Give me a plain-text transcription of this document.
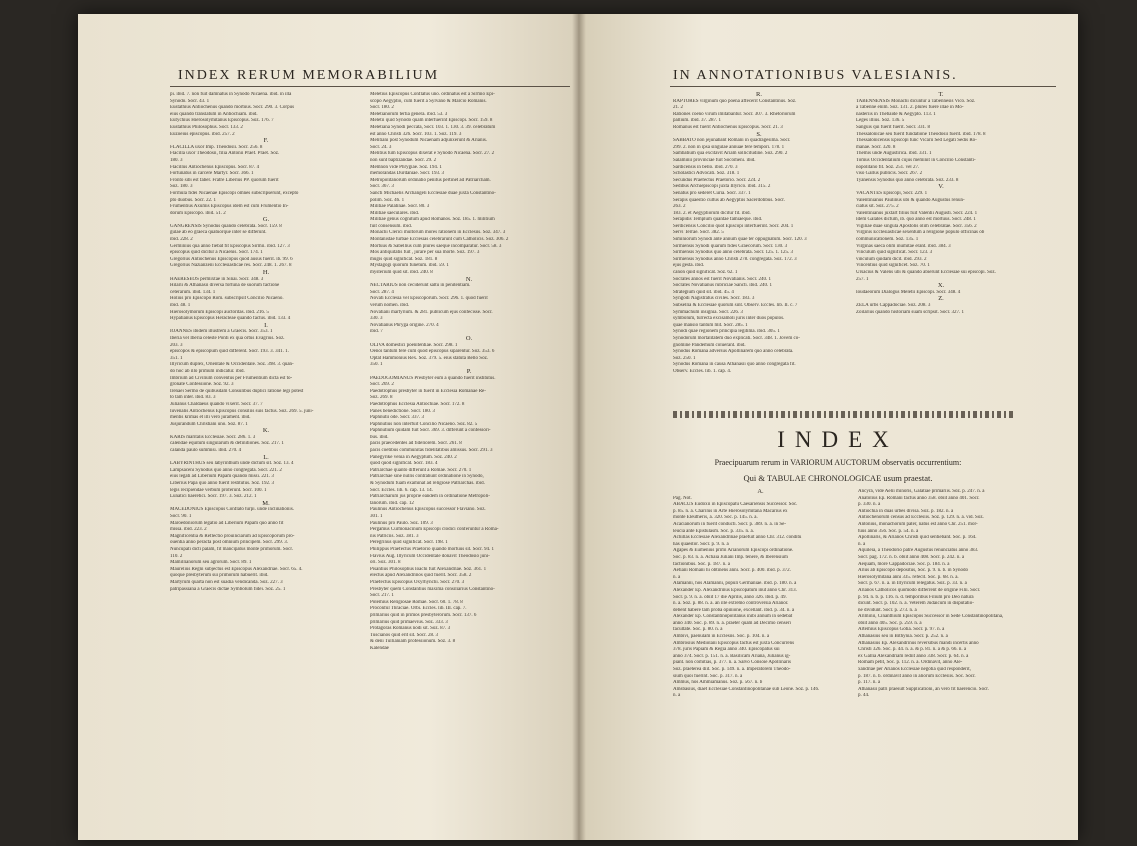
INDEX RERUM MEMORABILIUM

pi. ibid. 7. non fuit damnatus in Synodo Nicaena. ibid. in illa

Synodo. Socr. 43. 1

Eustathius Antiochenus quando mortuus. Socr. 290. 3. Corpus

eius quando translatum in Antiochiam. ibid.

Eutychius Hierosolymitanus Episcopus. Soz. 176. 7

Eustathius Philosophus. Socr. 133. 2

Euzoeius episcopus. ibid. 257. 2

F.

FLACILLA uxor Imp. Theodosii. Socr. 256. 8

Flacilla uxor Theodosii, filia Antonii Praef. Praet. Soz.

180. 3

Flacillus Antiochenus Episcopus. Socr. 87. 4

Fortunatus in carcere Martyr. Socr. 366. 1

Fronto sibi est faber. Fratre Liberius PP. quorum fuerit

Soz. 180. 3

Formula fidei Nicaenae Episcopi omnes subscripserunt, excepto

pto duobus. Socr. 22. 1

Frumentius Axumis Episcopus idem est cum Frumentio In-

dorum Episcopo. ibid. 51. 2

G.

GANGRENSIS Synodus quando celebrata. Socr. 159. 8

gulae ab eo graeca quatuorque inter se differunt.

ibid. 228. 2

Germinius qua anno fiebat fit Episcopus Sirmii. ibid. 127. 3

episcopus quid dicitur a Nicaenis. Socr. 174. 1

Gregorius Antiochenus Episcopus quod ausus fuerit. ib. 99. 6

Gregorius Nazianzeni Ecclesiasticae res. Socr. 248. 1. 267. 8

H.

HAERESEOS permixtae in Sinai. Socr. 348. 3

Hilarii & Athanasii diversa fortuna de suorum factione

ceterarum. ibid. 134. 1

Holius pro Episcopo Rom. subscripsit Concilio Nicaeno.

ibid. 48. 1

Hierosolymorum Episcopi auctoritas. ibid. 216. 5

Hypatianus Episcopus Heracleae quando factus. ibid. 133. 4

I.

IOANNES ibidem illustrem a Graecis. Socr. 353. 1

Iberia vel Iberia celeste Ponti ex qua ortus Evagrius. Soz.

203. 3

episcopos & episcopum quid different. Socr. 193. 3. 341. 1.

351. 1

Illyricum duplex, Orientale & Occidentale. Soz. 398. 3. quan-

do hoc ab illo primum indicatur. ibid.

Imbrium ad Civilium conventus per Frumentium dicta est to-

gronate Confessione. Soz. 92. 3

Irenaei Sermo de quibusdam Consulibus duplici ratione legi potest

to tam inter. ibid. 83. 3

Julianus Chaldaeus quando vixerit. Socr. 37. 7

Iuvenalis Antiochenus Episcopus consiliis suis factus. Soz. 269. 5. juni-

mentis krimas et illi vero jurament. ibid.

Jusjurandum Christiani uno. Soz. 87. 1

K.

KARIS maritalis Ecclesiae. Socr. 286. 1. 3

calendae equitum singularum & definitiones. Soz. 217. 1

calanda paulo summisi. ibid. 270. 4

L.

LABYRINTHUS seu labyrinthum unde dictum sit. Soz. 13. 4

Lampsaceni Synodus quo anno congregata. Socr. 221. 2

eius legati ad Liberium Papam quando missi. 221. 3

Liberius Papa quo anno fuerit restitutus. Soz. 192. 3

legis recipiendae verbum proferunt. Socr. 100. 1

Lunatici haeretici. Socr. 197. 3. Soz. 212. 1

M.

MACEDONIUS Episcopus Conflato turpi. unde inclinationis.

Socr. 90. 1

Maroedoniorum legatio ad Liberium Papam quo anno fit

missa. ibid. 223. 2

Magnificentia & Reflectio prouinciarum ad Episcoporum pro-

ouentia anno peracta post omnium principem. Socr. 299. 3.

Nuncupati dicti palam, fit mancipatus monte primorum. Socr.

110. 2

Mamillianorum seu agrorum. Socr. 89. 1

Maurelius Regni subjectus est Episcopus Alexandriae. Socr. 65. 4.

quoque presbyterum sui primorum habuerit. ibid.

Martyrum quarta non est suadia vendicanda. Soz. 227. 3

patripassiana a Graecis dictae Symbolum fidei. Soz. 25. 1

Meletius Episcopus Conflatus uno. ordinatus est a Sirmio Epi-

scopo Aegyptio, cum fuerit a Sylvano & Marcio Romanis.

Socr. 180. 2

Meletianorum tertia genera. ibid. 53. 3

Meletii quid Synodo quam interfuerint Episcopi. Socr. 159. 8

Meletiana Synodi peccata, Socr. 103. 1. 130. 3. 39. celebratum

est anno Christi 326. Socr. 103. 1. Soz. 119. 3

Melitiani post Synodum Nicaenam adjunxerunt & Arianis.

Socr. 24. 3

Melitius tum Episcopus dixerat e Synodo Nicaena. Socr. 27. 2

non sunt baptizandae. Socr. 29. 2

Memnon vide Phrygiae. Soz. 194. 1

memorandas Durdaniae. Socr. 193. 3

Metropolitanorum ordinatio penitus pertinet ad Patriarcham.

Socr. 367. 3

Sancti Michaelis Archangeli Ecclesiae duae juxta Constantino-

polim. Soz. 46. 1

Militiae Palatinae. Socr. 80. 3

Militiae saeculares. ibid.

Militiae genus cognitum apud Romanos. Soz. 185. 1. militium

fuit consensum. ibid.

Monachi Clerici multorum mores rationem in Ecclesiis. Soz. 347. 3

Montanistae turbae Ecclesias celebrarunt cum Catholicis. Soz. 306. 2

Mortuus & Sabellius cum plures saeque incomparatur. Socr. 58. 3

Mos antiquitatis fuit , jurare per sua morte. Soz. 197. 3

mugis quid significat. Soz. 181. 8

Mystagogi quorum funetum. ibid. 59. 1

mysterium quid sit. ibid. 240. 8

N.

NECTARIUS non ceciderunt saltu in penitentiam.

Socr. 287. 4

Novati Ecclesia vel Episcoporum. Socr. 296. 1. quod fuerit

verum nomen. ibid.

Novatiani martyrium. & 281. publicum ejus confecisse. Socr.

330. 3

Novatianus Phryga origine. 270. 4

ibid. 7

O.

OLIVA domestici poenitentiae. Socr. 298. 1

Oenoi tantum fere cum quod episcopus siparentur. Soz. 353. 6

Optat Hammonius Rex. Soz. 379. 5. eius statuta Bello Soz.

350. 1

P.

PAEDOGOMIANUS Presbyter eum a quando fuerit institutus.

Socr. 269. 2

Paedotrophus presbyter in fuerit in Ecclesia Romanae Re-

Soz. 269. 8

Paedotrophus Ecclesia Antiochiae. Socr. 172. 8

Panes benedictione. Socr. 180. 3

Paphnutii ode. Socr. 337. 3

Paphnutius non interfuit Concilio Nicaeno. Soz. 82. 5

Paphnutium quidam fuit Socr. 369. 3. differunt a confessori-

bus. ibid.

pacis praecedentes ad fideliorem. Socr. 261. 8

pacis coetibus communitas fidelitatibus amissus. Socr. 291. 3

Panegyrike venia in Aegyptum. Soz. 240. 2

quod quod significat. Socr. 183. 4

Patriarchae quanto differunt a Romae. Socr. 270. 1

Patriarchae sine nullis contrahunt ordinatione in Synodo,

& Synodum fuam examinat ad religiose Patriarchas. ibid.

Socr. Eccles. lib. 6. cap. 13. 14.

Patriarcharum jus proprie eandem in ordinatione Metropoli-

tanorum. ibid. cap. 12

Paulinus Antiochenus Episcopus successor Flaviano. Soz.

301. 1

Paulinus pro Paulo. Soz. 109. 3

Pergamus Curmonacinum Episcopi clodici conferuntur a Roma-

nis Patriciis. Soz. 381. 3

Peregrinus quid significat. Socr. 198. 1

Philippus Praefectus Praetorio quando mortuus sit. Socr. 94. 1

Flavius Aug. Illyricum Occidentale donavit Theodosio juni-

ori. Soz. 301. 8

Pisantius Philosophus Ioachi fuit Alexandriae. Soz. 361. 1

electus apud Alexandrinos quid fuerit. Socr. 358. 2

Praefectus Episcopus Oxyrhynchi. Socr. 270. 3

Presbyter quem Constantius maxima consiliarius Constantino-

Socr. 217. 1

Polemius Religiosae Romae. Socr. 60. 1. 78. 8

Proconful Thraciae. Orbi. Eccles. lib. III. cap. 7.

primarius quid in primos presbyterorum. Socr. 137. 6

primarius quid primaevius. Soz. 333. 3

Protagoras Romanus nodi sit. Soz. 87. 3

Tuscianos quid erit sit. Socr. 28. 3

& deni Tullianiam professionum. Soz. 3. 8

Kalendae

IN ANNOTATIONIBUS VALESIANIS.

R.

RAPTORES virginum quo poena affecerit Constantinus. Soz.

21. 2

Rationes coeno virum imitabantur. Socr. 307. 3. Rhetoriorum

pallium. ibid. 37. 287. 1

Romanus est fuerit Antiochenus Episcopus. Socr. 21. 3

S.

SABBATO non jejunabant Romani in quadragesima. Socr.

299. 2. non in ipsa singulae annuae fere tempori. 178. 1

Sambatium qua excitavit Ariam sollicitudine. Soz. 290. 2

Salaminii provinciae fuit Socomeni. ibid.

Sardicensis in bello. ibid. 270. 3

Scholastici Advocati. Soz. 318. 1

Secundus Praefectus Praetorio. Socr. 224. 2

Sedibus Archiepiscopi juxta Illyrico. ibid. 315. 2

Senatus pro sederet Curia. Socr. 337. 1

Serapis quaestio cultus ab Aegyptiis Sacerdotibus. Socr.

263. 2

183. 2. et Aegyptiorum dicitur fit. ibid.

Serapidis Templum quantae famiaeque. ibid.

Serdicensis Concilio quot Episcopi interfuerint. Socr. 204. 1

Servi Terrae. Socr. 382. 5

Siminiorum Synodi ante annum quae ter oppugnatum. Socr. 120. 3

Sirmiensis Synodi quarum fides Graecorum. Socr. 130. 3

Sirmiensis Synodus quo anno celebrata. Socr. 125. 1. 125. 3

Sirmiensis Synodus anno Christi 278. congregata. Soz. 172. 3

ejus gesta. ibid.

canon quid significat. Soz. 62. 1

Socrates annos est fuerit Novatianis. Socr. 240. 1

Socrates Novatianus rubriciae Sancti. ibid. 240. 1

Strategium quid sit. ibid. 45. 4

Syngodi Nagistratus civiles. Socr. 183. 3

Subsellia & Ecclesiae quorum sint. Observ. Eccles. lib. II. c. 7

Symmachum insignia. Socr. 226. 3

symbolum, turrecta excisamoli juris inter duos populos.

quae mansio tantum mit. Socr. 285. 1

Synodi quae regionem principia legitima. ibid. 305. 1

Synodorum mortalitatem duo explicati. Socr. 348. 1. Jovem co-

gnomine Pandemum coluerant. ibid.

Synodus Romana adversus Apollinarem quo anno celebrata.

Soz. 250. 1

Synodus Romana in causa Athanasii quo anno congregata fit.

Observ. Eccles. lib. 1. cap. 4.

T.

TABENNENSIS Monachi dicuntur a Tabennesis Vico. Soz.

a Tabenne enim. Soz. 131. 2. plures fuere illae in Mo-

nasteriis in Thebaide & Aegypto. 113. 1

Leges illius. Soz. 136. 5

Sanguis qui fuerit fuerit. Socr. 331. 8

Thessalonicae seu fuerit fundatione Theodosii fuerit. ibid. 178. 8

Thessalonicensis Episcopi tunc Vicarii Sed Legati Sedis Ro-

manae. Socr. 320. 8

Themis unde Augustirica. ibid. 331. 1

Tomus Occidentalium cujus meminit in Concilio Constanti-

nopolitano fit. Soz. 251. vel 27.

viso Gallus publicis. Socr. 267. 2

Tyanensis Synodus quo anno celebrata. Soz. 233. 8

V.

VACANTES Episcopi, Socr. 229. 1

Valentinianus Paulinus ubi & quando Augustus renun-

ciatus sit. Soz. 275. 2

Valentinianus juxtart filius fuit Valentii Augusti. Socr. 224. 1

Idem Galates dictum, ib. quo anno est mortuus. Socr. 248. 1

Vigiliae duae singula Apostolis olim celebratae. Socr. 356. 2

Virginis Ecclesiasticae sexentum a religione populo officinas ob

communicationem. Soz. 135. 1

Virginas saeca olim inumitae erant. ibid. 384. 3

Vinculum quid significat. Socr. 123. 3

vinculum quidam dicit. ibid. 293. 2

Vincentius quid significet. Soz. 70. 1

Ursacius & Valens ubi & quando abierunt Ecclesiae sui episcopi. Soz.

257. 1

X.

Ioudaeorum Dialogus Meletii Episcopi. Socr. 348. 4

Z.

ZELA urbs Cappadociae. Soz. 208. 3

Zoilarius quando historiam suam scripsit. Socr. 327. 1

INDEX
Praecipuarum rerum in VARIORUM AUCTORUM observatis occurrentium:
Qui & TABULAE CHRONOLOGICAE usum praestat.

A.

Pag. Not.

ABACUS Eudoxii in Episcopatu Caesariensis Successor. Soc.

p. 85. n. a. Charilus in Arte Hierosolymitana Macarius ex

monte Eleutheris, a. 320. Soc. p. 145. n. a.

Acacianorum in fuerit conducti. Socr. p. 389. n. a. in Se-

leucia ante Epistulasm. Soc. p. 335. n. a.

Achillas Ecclesiae Alexandrinae praefuit anno Chr. 312. conditu

has quaestor. Socr. p. 9. n. a

Agapes & Eumenius primi Arianorum Episcopi ordinatione.

Soc. p. 83. n. a. Achaia Juliani Imp. tenere, & Iberensium

factionibus. Soc. p. 187. n. a

Aetiani Romani hi obtinens anni. Socr. p. 400. ibid. p. 372.

n. a

Alamanni, hos Alamanni, populi Germaniae. ibid. p. 180. n. a

Alexander Ep. Alexandrinus Episcopatum inut anno Chr. 313.

Socr. p. 9. n. a. obiit 17 die Aprilis, anno 326. ibid. p. 49.

n. a. Soz. p. 88. n. a. an ille extremo controversia Arianor.

debent habere tam proba opinione, excellant. ibid. p. 34. n. a

Alexander Ep. Constantinopolitanus inibi annum in sedebat

anno 340. Soc. p. 89. n. a. praeter quam ad Decimo censeri

facultate. Soc. p. 80. n. a

Ambivi, paenulam in Ecclesiis. Soc. p. 104. n. a

Ambrosius Mediolani Episcopus factus est juxta Concurrens

378. juris Papiam & Regia anno 340. Episcopatus sui

anno 374. Socr. p. 151. n. a. Basilicam Ariana, Julianus ig-

piant. non comitias, p. 377. n. a. Salvo Consoie Apollinaris

Soz. praeterea diit. Soc. p. 149. n. a. Imperatorem Theodo-

sium quoi fuerint. Soc. p. 317. n. a

Ammus, hos Ammiamanus. Soz. p. 567. n. b

Amsbasius, diaet Ecclesiae Constantinopolitanae sub Leone. Soz. p. 146.

n. a

Ancyra, vide Aelii minoris, Galatiae primariis. Soz. p. 247. n. a

Anatolius Ep. Romani factus anno 358. obiit anno 401. Socr.

p. 330. n. a

Antiochia in duas urbes divisa. Soz. p. 182. n. a

Antiochenorum census ad Ecclesiis. Soz. p. 129. n. a. vid. Soz.

Antonius, monachorum pater, natus est anno Chr. 251. mor-

tuus anno 356. Soc. p. 54. n. a

Apollinaris, & Arianos Christi quid sentiebant. Soc. p. 164.

n. a

Aquileia, a Theodorio patre Augustus renunciatus anno 383.

Socr. pag. 172. n. b. obiit anno 408. Socr. p. 242. n. a

Aequam, more Cappadociae. Soc. p. 184. n. a

Arius ab Episcopo depositus, Soc. p. 9. n. b. in Synodo

Hierosolymitana anni 335. refecit. Soc. p. 68. n. a.

Socr. p. 67. n. a. in Illyricum relegatus. Soz. p. 33. n. a

Arianos Catholicos quomodo differrent de origine Filii. Socr.

p. 94. n. b. p. 116. n. d. temporibus Filium pro Deo natura

dicunt. Socr. p. 102. n. a. Veterem Judaicum in disputatio-

ne dividunt. Socr. p. 273. n. a

Ariminii, Cinanthium Episcopos Successor in Sede Constantinopolitana,

obiit anno 405. Soc. p. 259. n. a

Artemius Episcopus Gotia. Socr. p. 97. n. a

Athanasius seu in Bithynia. Socr. p. 252. n. a

Athanasius Ep. Alexandrinus reversibus mandi incertis anno

Christi 326. Soc. p. 44. n. a. & p. 81. n. a & p. 66. n. a

ex Gallia Alexandriam rediit anno 338. Socr. p. 64. n. a

Romam petit, Soc. p. 112. n. a. Ordinavit, anno Ale-

xandriae per Arianos Ecclesiae negotia quid responderit,

p. 187. n. b. ordinavit anno in aliorum Ecclesiis. Soc. Socr.

p. 117. n. a

Athanasii patri praesult Supplicationi, an vero fit haerencio. Socr.

p. 44.
